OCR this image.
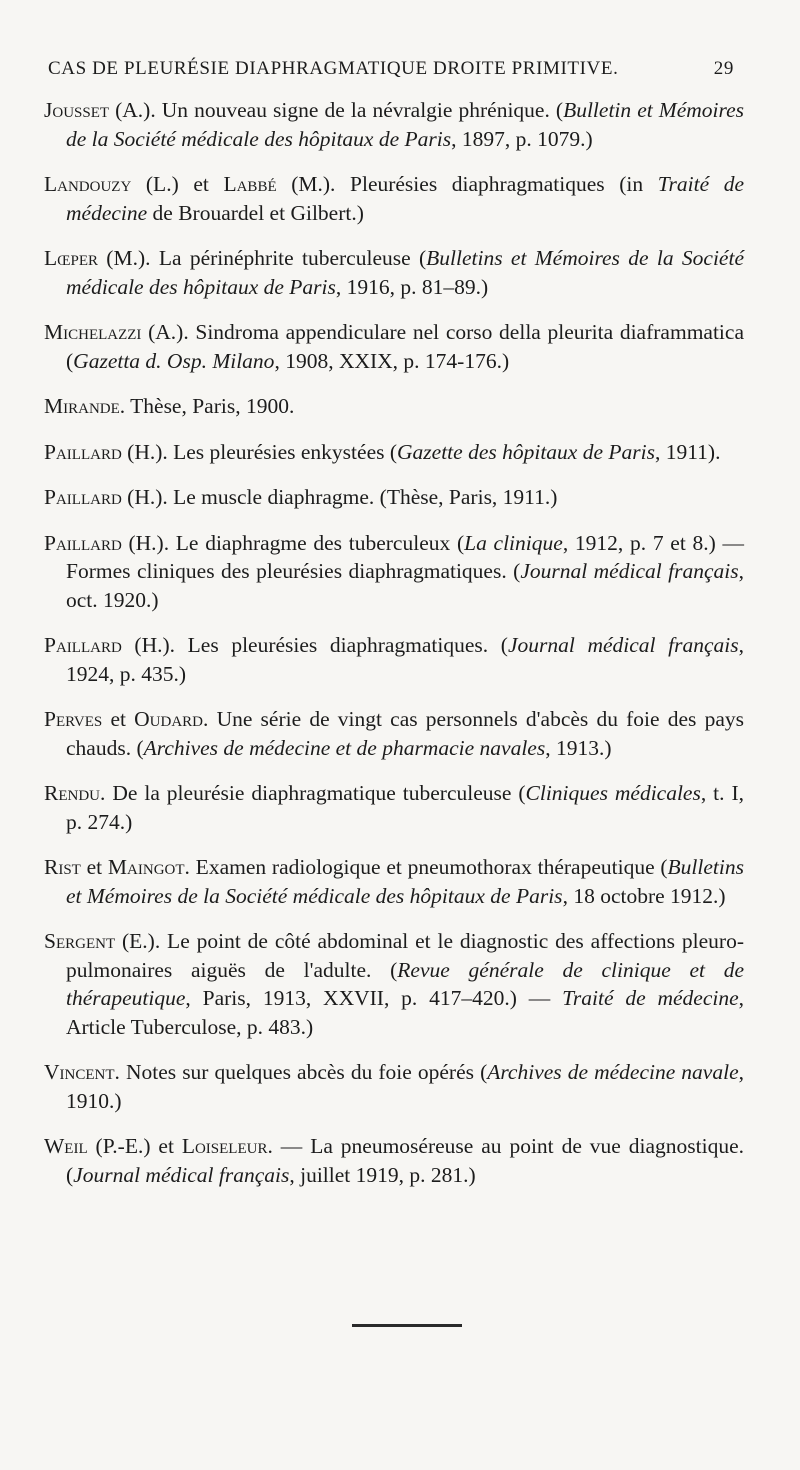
CAS DE PLEURÉSIE DIAPHRAGMATIQUE DROITE PRIMITIVE.	29

Jousset (A.). Un nouveau signe de la névralgie phrénique. (Bulletin et Mémoires de la Société médicale des hôpitaux de Paris, 1897, p. 1079.)

Landouzy (L.) et Labbé (M.). Pleurésies diaphragmatiques (in Traité de médecine de Brouardel et Gilbert.)

Lœper (M.). La périnéphrite tuberculeuse (Bulletins et Mémoires de la Société médicale des hôpitaux de Paris, 1916, p. 81–89.)

Michelazzi (A.). Sindroma appendiculare nel corso della pleurita diaframmatica (Gazetta d. Osp. Milano, 1908, XXIX, p. 174-176.)

Mirande. Thèse, Paris, 1900.

Paillard (H.). Les pleurésies enkystées (Gazette des hôpitaux de Paris, 1911).

Paillard (H.). Le muscle diaphragme. (Thèse, Paris, 1911.)

Paillard (H.). Le diaphragme des tuberculeux (La clinique, 1912, p. 7 et 8.) — Formes cliniques des pleurésies diaphragmatiques. (Journal médical français, oct. 1920.)

Paillard (H.). Les pleurésies diaphragmatiques. (Journal médical français, 1924, p. 435.)

Perves et Oudard. Une série de vingt cas personnels d'abcès du foie des pays chauds. (Archives de médecine et de pharmacie navales, 1913.)

Rendu. De la pleurésie diaphragmatique tuberculeuse (Cliniques médicales, t. I, p. 274.)

Rist et Maingot. Examen radiologique et pneumothorax thérapeutique (Bulletins et Mémoires de la Société médicale des hôpitaux de Paris, 18 octobre 1912.)

Sergent (E.). Le point de côté abdominal et le diagnostic des affections pleuro-pulmonaires aiguës de l'adulte. (Revue générale de clinique et de thérapeutique, Paris, 1913, XXVII, p. 417–420.) — Traité de médecine, Article Tuberculose, p. 483.)

Vincent. Notes sur quelques abcès du foie opérés (Archives de médecine navale, 1910.)

Weil (P.-E.) et Loiseleur. — La pneumoséreuse au point de vue diagnostique. (Journal médical français, juillet 1919, p. 281.)
